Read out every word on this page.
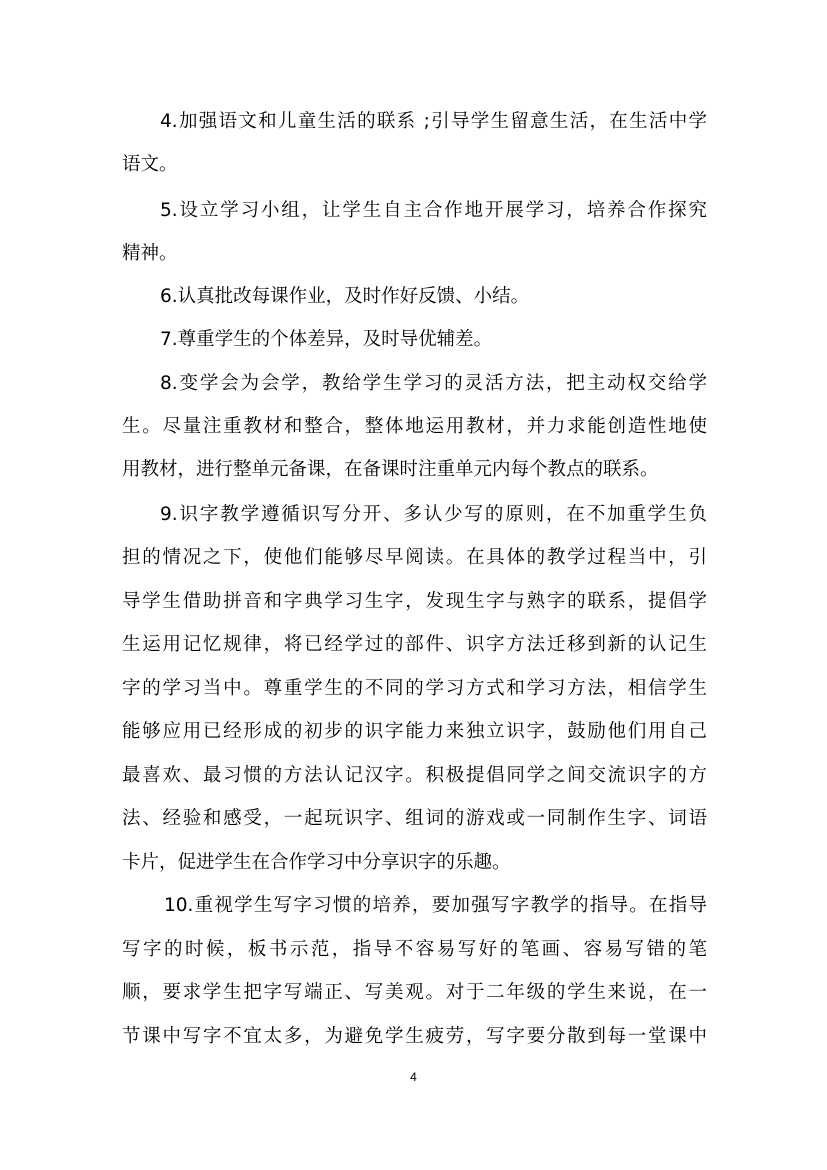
4.加强语文和儿童生活的联系 ;引导学生留意生活，在生活中学
语文。
5.设立学习小组，让学生自主合作地开展学习，培养合作探究
精神。
6.认真批改每课作业，及时作好反馈、小结。
7.尊重学生的个体差异，及时导优辅差。
8.变学会为会学，教给学生学习的灵活方法，把主动权交给学
生。尽量注重教材和整合，整体地运用教材，并力求能创造性地使
用教材，进行整单元备课，在备课时注重单元内每个教点的联系。
9.识字教学遵循识写分开、多认少写的原则，在不加重学生负
担的情况之下，使他们能够尽早阅读。在具体的教学过程当中，引
导学生借助拼音和字典学习生字，发现生字与熟字的联系，提倡学
生运用记忆规律，将已经学过的部件、识字方法迁移到新的认记生
字的学习当中。尊重学生的不同的学习方式和学习方法，相信学生
能够应用已经形成的初步的识字能力来独立识字，鼓励他们用自己
最喜欢、最习惯的方法认记汉字。积极提倡同学之间交流识字的方
法、经验和感受，一起玩识字、组词的游戏或一同制作生字、词语
卡片，促进学生在合作学习中分享识字的乐趣。
10.重视学生写字习惯的培养，要加强写字教学的指导。在指导
写字的时候，板书示范，指导不容易写好的笔画、容易写错的笔
顺，要求学生把字写端正、写美观。对于二年级的学生来说，在一
节课中写字不宜太多，为避免学生疲劳，写字要分散到每一堂课中
4
